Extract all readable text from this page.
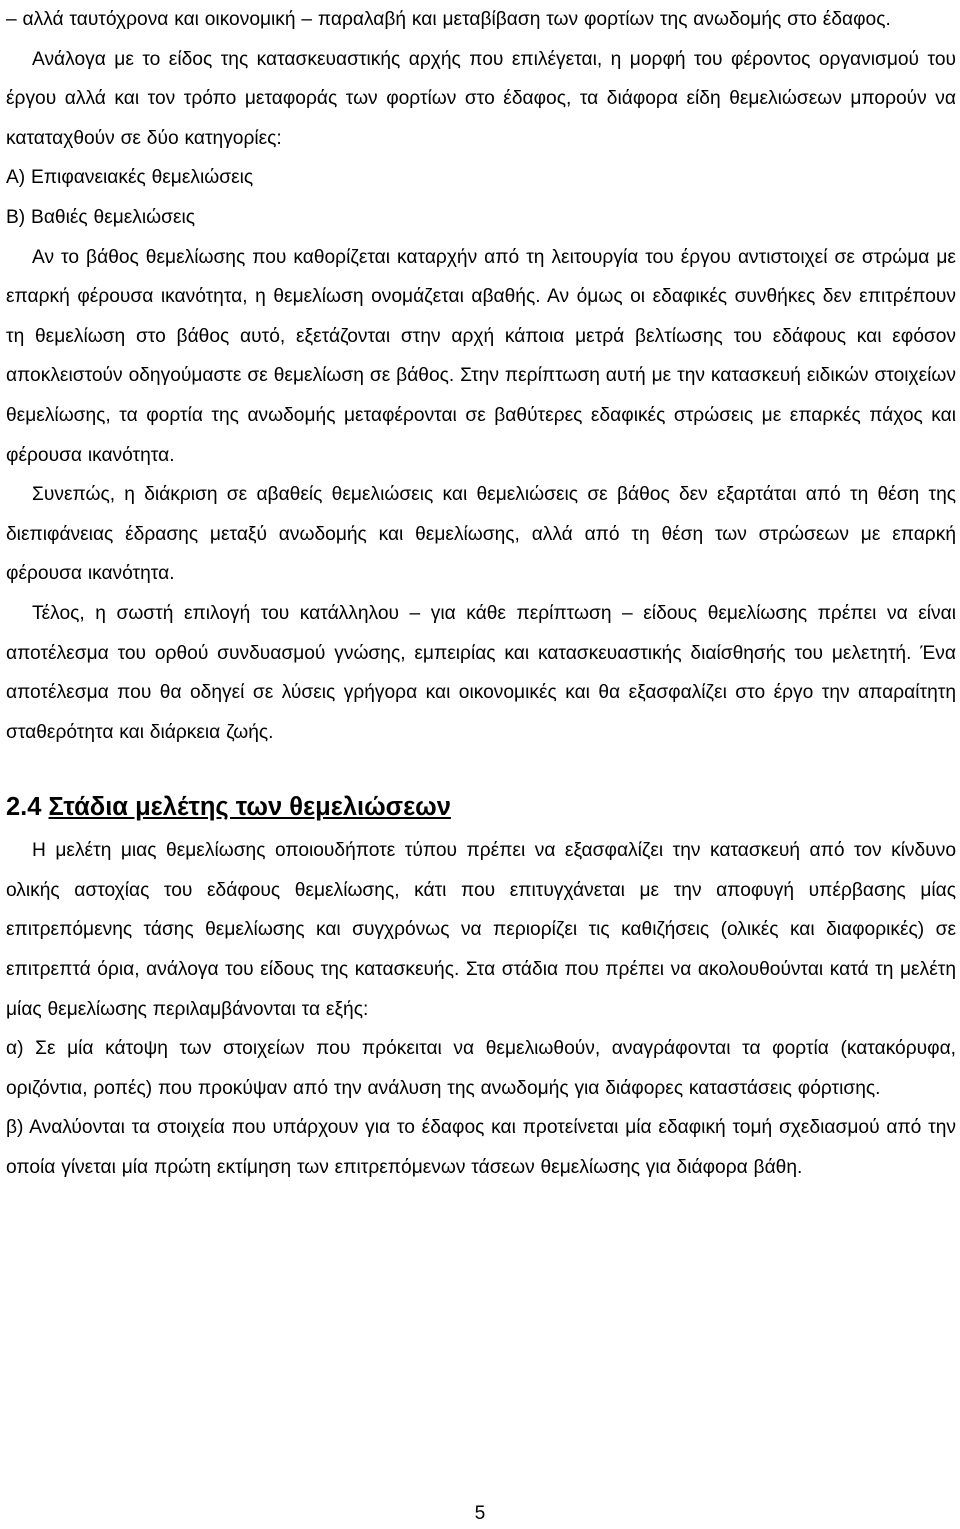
– αλλά ταυτόχρονα και οικονομική – παραλαβή και μεταβίβαση των φορτίων της ανωδομής στο έδαφος.

Ανάλογα με το είδος της κατασκευαστικής αρχής που επιλέγεται, η μορφή του φέροντος οργανισμού του έργου αλλά και τον τρόπο μεταφοράς των φορτίων στο έδαφος, τα διάφορα είδη θεμελιώσεων μπορούν να καταταχθούν σε δύο κατηγορίες:

Α) Επιφανειακές θεμελιώσεις

Β) Βαθιές θεμελιώσεις

Αν το βάθος θεμελίωσης που καθορίζεται καταρχήν από τη λειτουργία του έργου αντιστοιχεί σε στρώμα με επαρκή φέρουσα ικανότητα, η θεμελίωση ονομάζεται αβαθής. Αν όμως οι εδαφικές συνθήκες δεν επιτρέπουν τη θεμελίωση στο βάθος αυτό, εξετάζονται στην αρχή κάποια μετρά βελτίωσης του εδάφους και εφόσον αποκλειστούν οδηγούμαστε σε θεμελίωση σε βάθος. Στην περίπτωση αυτή με την κατασκευή ειδικών στοιχείων θεμελίωσης, τα φορτία της ανωδομής μεταφέρονται σε βαθύτερες εδαφικές στρώσεις με επαρκές πάχος και φέρουσα ικανότητα.

Συνεπώς, η διάκριση σε αβαθείς θεμελιώσεις και θεμελιώσεις σε βάθος δεν εξαρτάται από τη θέση της διεπιφάνειας έδρασης μεταξύ ανωδομής και θεμελίωσης, αλλά από τη θέση των στρώσεων με επαρκή φέρουσα ικανότητα.

Τέλος, η σωστή επιλογή του κατάλληλου – για κάθε περίπτωση – είδους θεμελίωσης πρέπει να είναι αποτέλεσμα του ορθού συνδυασμού γνώσης, εμπειρίας και κατασκευαστικής διαίσθησής του μελετητή. Ένα αποτέλεσμα που θα οδηγεί σε λύσεις γρήγορα και οικονομικές και θα εξασφαλίζει στο έργο την απαραίτητη σταθερότητα και διάρκεια ζωής.

2.4 Στάδια μελέτης των θεμελιώσεων

Η μελέτη μιας θεμελίωσης οποιουδήποτε τύπου πρέπει να εξασφαλίζει την κατασκευή από τον κίνδυνο ολικής αστοχίας του εδάφους θεμελίωσης, κάτι που επιτυγχάνεται με την αποφυγή υπέρβασης μίας επιτρεπόμενης τάσης θεμελίωσης και συγχρόνως να περιορίζει τις καθιζήσεις (ολικές και διαφορικές) σε επιτρεπτά όρια, ανάλογα του είδους της κατασκευής. Στα στάδια που πρέπει να ακολουθούνται κατά τη μελέτη μίας θεμελίωσης περιλαμβάνονται τα εξής:

α) Σε μία κάτοψη των στοιχείων που πρόκειται να θεμελιωθούν, αναγράφονται τα φορτία (κατακόρυφα, οριζόντια, ροπές) που προκύψαν από την ανάλυση της ανωδομής για διάφορες καταστάσεις φόρτισης.

β) Αναλύονται τα στοιχεία που υπάρχουν για το έδαφος και προτείνεται μία εδαφική τομή σχεδιασμού από την οποία γίνεται μία πρώτη εκτίμηση των επιτρεπόμενων τάσεων θεμελίωσης για διάφορα βάθη.

5
